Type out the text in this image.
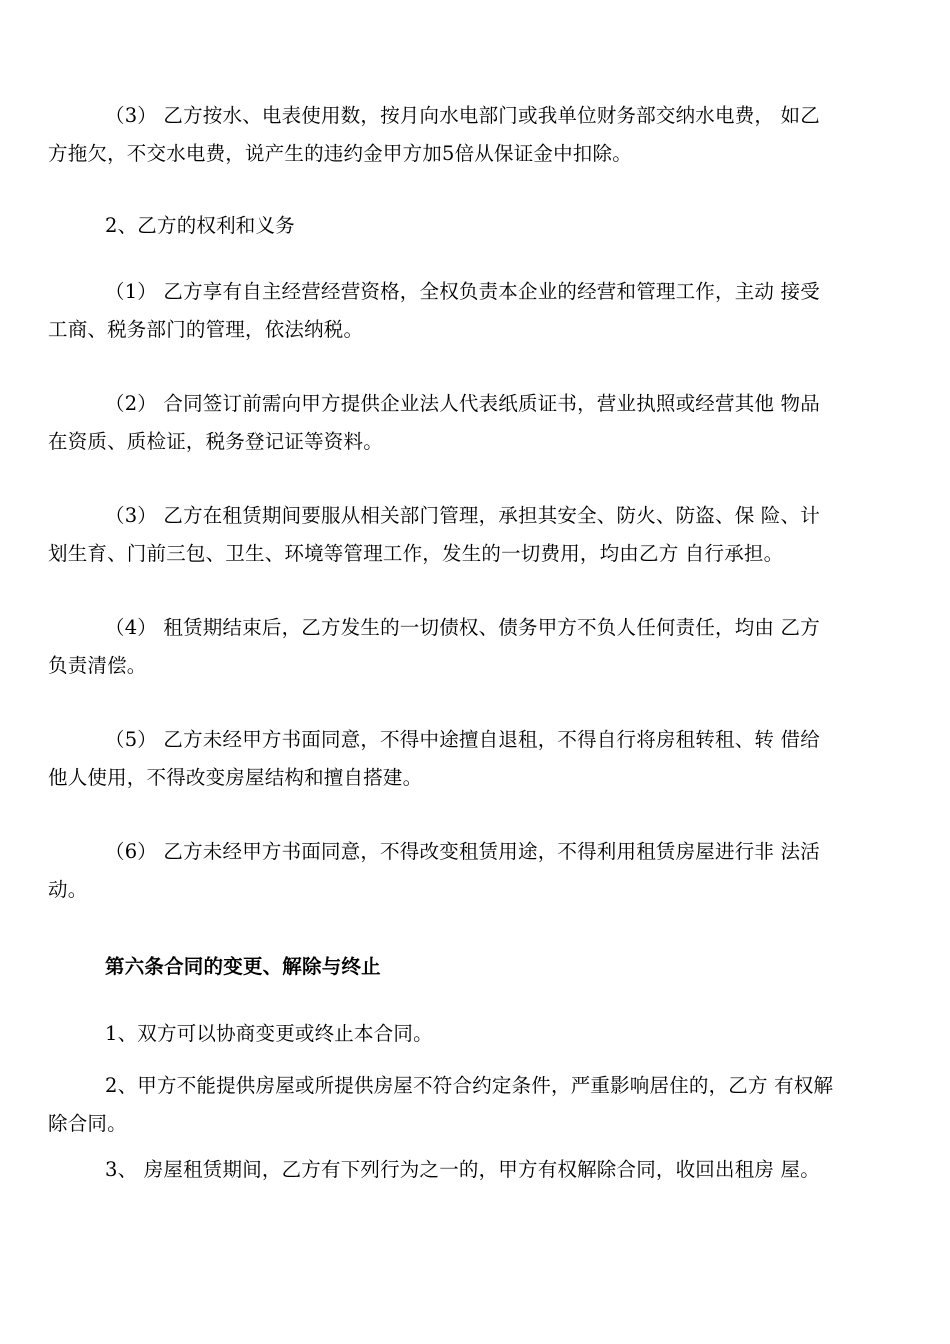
（3） 乙方按水、电表使用数，按月向水电部门或我单位财务部交纳水电费， 如乙
方拖欠，不交水电费，说产生的违约金甲方加5倍从保证金中扣除。

2、乙方的权利和义务

（1） 乙方享有自主经营经营资格，全权负责本企业的经营和管理工作，主动 接受
工商、税务部门的管理，依法纳税。

（2） 合同签订前需向甲方提供企业法人代表纸质证书，营业执照或经营其他 物品
在资质、质检证，税务登记证等资料。

（3） 乙方在租赁期间要服从相关部门管理，承担其安全、防火、防盗、保 险、计
划生育、门前三包、卫生、环境等管理工作，发生的一切费用，均由乙方 自行承担。

（4） 租赁期结束后，乙方发生的一切债权、债务甲方不负人任何责任，均由 乙方
负责清偿。

（5） 乙方未经甲方书面同意，不得中途擅自退租，不得自行将房租转租、转 借给
他人使用，不得改变房屋结构和擅自搭建。

（6） 乙方未经甲方书面同意，不得改变租赁用途，不得利用租赁房屋进行非 法活
动。

第六条合同的变更、解除与终止

1、双方可以协商变更或终止本合同。

2、甲方不能提供房屋或所提供房屋不符合约定条件，严重影响居住的，乙方 有权解
除合同。

3、 房屋租赁期间，乙方有下列行为之一的，甲方有权解除合同，收回出租房 屋。
